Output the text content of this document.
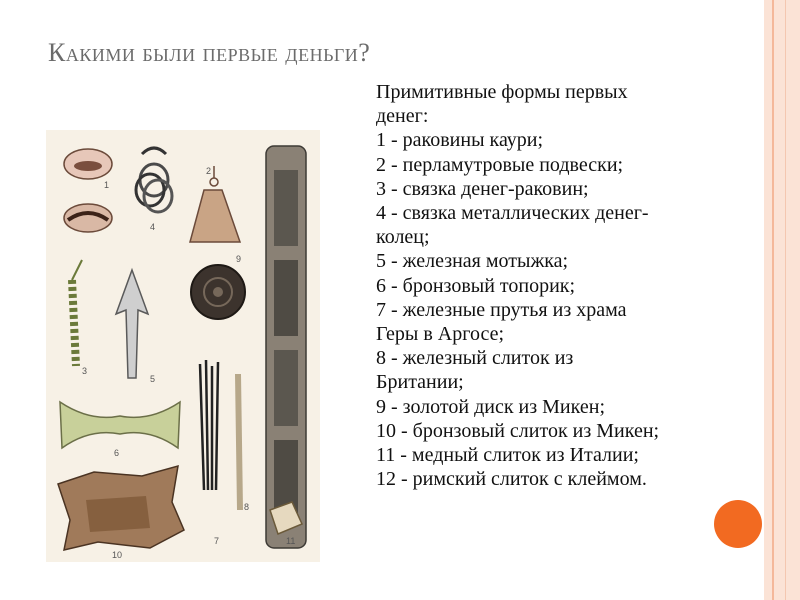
Какими были первые деньги?
Примитивные формы первых
денег:
1 - раковины каури;
2 - перламутровые подвески;
3 - связка денег-раковин;
4 - связка металлических денег-
колец;
5 - железная мотыжка;
6 - бронзовый топорик;
7 - железные прутья из храма
Геры в Аргосе;
8 - железный слиток из
Британии;
9 - золотой диск из Микен;
10 - бронзовый слиток из Микен;
11 - медный слиток из Италии;
12 - римский слиток с клеймом.
1
2
3
4
5
6
7
8
9
10
11
